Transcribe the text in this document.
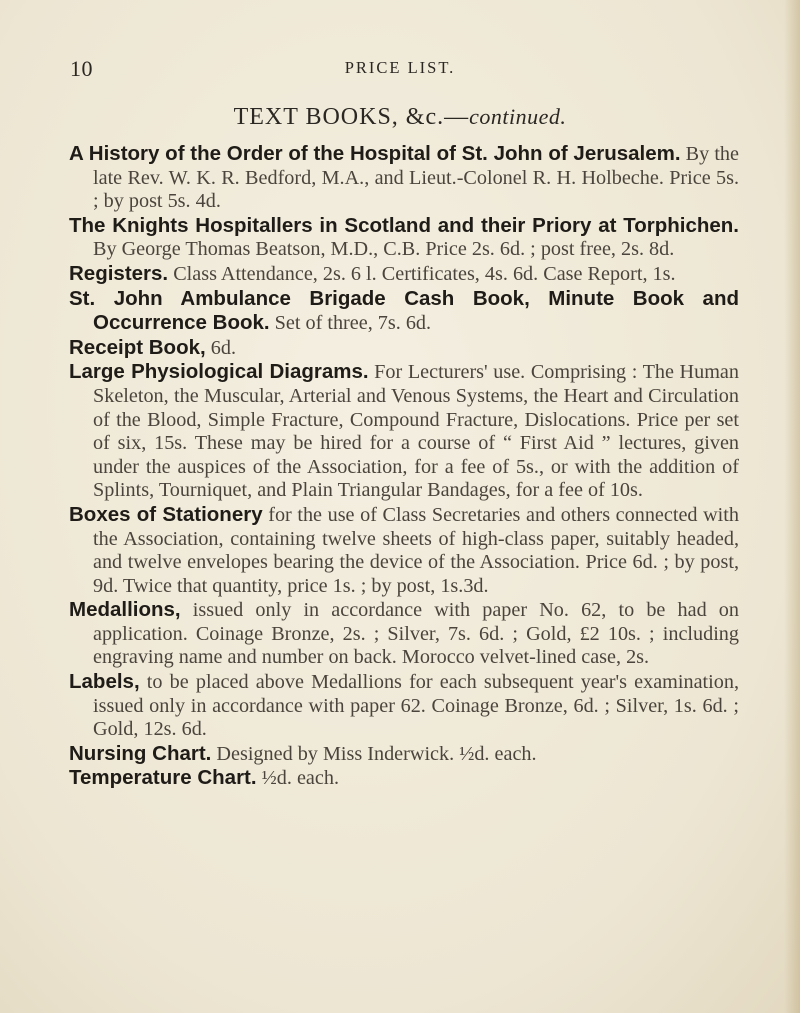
10	PRICE LIST.
TEXT BOOKS, &c.—continued.

A History of the Order of the Hospital of St. John of Jerusalem. By the late Rev. W. K. R. Bedford, M.A., and Lieut.-Colonel R. H. Holbeche. Price 5s. ; by post 5s. 4d.

The Knights Hospitallers in Scotland and their Priory at Torphichen. By George Thomas Beatson, M.D., C.B. Price 2s. 6d. ; post free, 2s. 8d.

Registers. Class Attendance, 2s. 6 l. Certificates, 4s. 6d. Case Report, 1s.

St. John Ambulance Brigade Cash Book, Minute Book and Occurrence Book. Set of three, 7s. 6d.

Receipt Book, 6d.

Large Physiological Diagrams. For Lecturers' use. Comprising : The Human Skeleton, the Muscular, Arterial and Venous Systems, the Heart and Circulation of the Blood, Simple Fracture, Compound Fracture, Dislocations. Price per set of six, 15s. These may be hired for a course of “ First Aid ” lectures, given under the auspices of the Association, for a fee of 5s., or with the addition of Splints, Tourniquet, and Plain Triangular Bandages, for a fee of 10s.

Boxes of Stationery for the use of Class Secretaries and others connected with the Association, containing twelve sheets of high-class paper, suitably headed, and twelve envelopes bearing the device of the Association. Price 6d. ; by post, 9d. Twice that quantity, price 1s. ; by post, 1s.3d.

Medallions, issued only in accordance with paper No. 62, to be had on application. Coinage Bronze, 2s. ; Silver, 7s. 6d. ; Gold, £2 10s. ; including engraving name and number on back. Morocco velvet-lined case, 2s.

Labels, to be placed above Medallions for each subsequent year's examination, issued only in accordance with paper 62. Coinage Bronze, 6d. ; Silver, 1s. 6d. ; Gold, 12s. 6d.

Nursing Chart. Designed by Miss Inderwick. ½d. each.

Temperature Chart. ½d. each.
